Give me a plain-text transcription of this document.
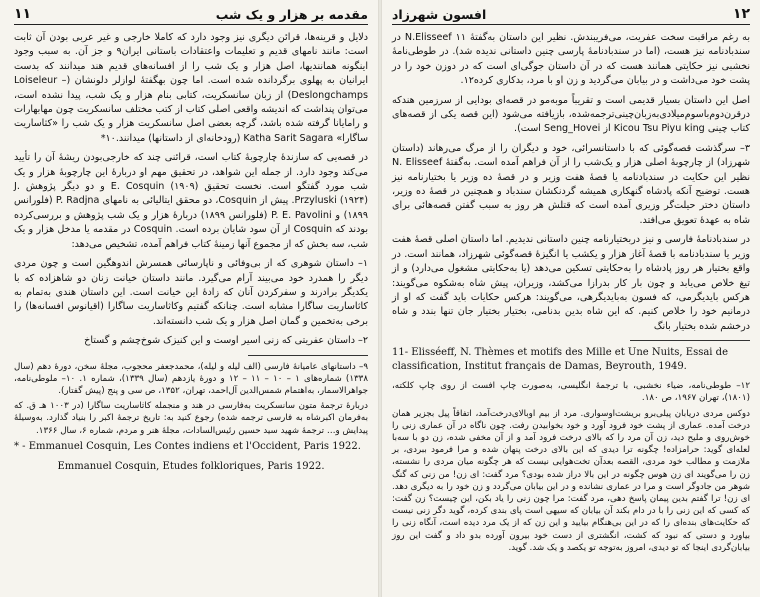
۱۱	مقدمه بر هزار و یک شب

دلایل و قرینه‌ها، قرائن دیگری نیز وجود دارد که کاملا خارجی و غیر عربی بودن آن ثابت است: مانند نامهای قدیم و تعلیمات واعتقادات باستانی ایران۹ و جز آن. به سبب وجود اینگونه همانندیها، اصل هزار و یک شب را از افسانه‌های قدیم هند میدانند که بدست ایرانیان به پهلوی برگردانده شده است. اما چون بهگفتهٔ لوازلر دلونشان (Loiseleur – Deslongchamps) از زبان سانسکریت، کتابی بنام هزار و یک شب، پیدا نشده است، می‌توان پنداشت که اندیشه واقعی اصلی کتاب از کتب مختلف سانسکریت چون مهابهارات و رامایانا گرفته شده باشد، گرچه بعضی اصل سانسکریت هزار و یک شب را «کثاساریت ساگارا» Katha Sarit Sagara (رودخانه‌ای از داستانها) میدانند.۱۰*

در قصه‌یی که سازندهٔ چارچوبهٔ کتاب است، قرائنی چند که خارجی‌بودن ریشهٔ آن را تأیید می‌کند وجود دارد. از جمله این شواهد، در تحقیق مهم او دربارهٔ این چارچوبهٔ هزار و یک شب مورد گفتگو است. نخست تحقیق E. Cosquin (۱۹۰۹) و دو دیگر پژوهش J. Przyluski (۱۹۲۴). پیش از Cosquin، دو محقق ایتالیائی به نامهای P. Radjna (فلورانس ۱۸۹۹) و P. E. Pavolini (فلورانس ۱۸۹۹) دربارهٔ هزار و یک شب پژوهش و بررسی‌کرده بودند که Cosquin از آن سود شایان برده است. Cosquin در مقدمه یا مدخل هزار و یک شب، سه بخش که از مجموع آنها زمینهٔ کتاب فراهم آمده، تشخیص می‌دهد:

۱– داستان شوهری که از بی‌وفائی و ناپارسائی همسرش اندوهگین است و چون مردی دیگر را همدرد خود می‌بیند آرام می‌گیرد. مانند داستان خیانت زنان دو شاهزاده که با یکدیگر برادرند و سفرکردن آنان که زادهٔ این خیانت است. این داستان هندی به‌تمام به کاثاساریت ساگارا مشابه است. چنانکه گفتیم وکاثاساریت ساگارا (اقیانوس افسانه‌ها) را برخی به‌تخمین و گمان اصل هزار و یک شب دانسته‌اند.

۲– داستان عفریتی که زنی اسیر اوست و این کنیزک شوخ‌چشم و گستاخ

۹– داستانهای عامیانهٔ فارسی (الف لیله و لیله)، محمدجعفر محجوب، مجلهٔ سخن، دورهٔ دهم (سال ۱۳۳۸) شماره‌های ۱ – ۱۰ – ۱۱ – ۱۲ و دورهٔ یازدهم (سال ۱۳۳۹)، شماره ۱. ۱۰– ملوطی‌نامه، جواهرالاسمار، به‌اهتمام شمس‌الدین آل‌احمد، تهران، ۱۳۵۲، ص سی و پنج (پیش گفتار).

دربارهٔ ترجمهٔ متون سانسکریت به‌فارسی در هند و منجمله کاثاساریت ساگارا (در ۱۰۰۳ هـ ق. که به‌فرمان اکبرشاه به فارسی ترجمه شده) رجوع کنید به: تاریخ ترجمهٔ اکبر را بنیاد گذارد. به‌وسیلهٔ پیدایش و… ترجمهٔ شهید سید حسین رئیس‌السادات، مجلهٔ هنر و مردم، شماره ۶، سال ۱۳۶۶.

* - Emmanuel Cosquin, Les Contes indiens et l'Occident, Paris 1922.

Emmanuel Cosquin, Etudes folkloriques, Paris 1922.

افسون شهرزاد	۱۲

به رغم مراقبت سخت عفریت، می‌فریبندش. نظیر این داستان به‌گفتهٔ N.Elisseef ۱۱ در سندبادنامه نیز هست، (اما در سندبادنامهٔ پارسی چنین داستانی ندیده شد). در طوطی‌نامهٔ نخشبی نیز حکایتی همانند هست که در آن داستان جوگی‌ای است که در دوزن خود را در پشت خود می‌داشت و در بیابان می‌گردید و زن او با مرد، بدکاری کرده۱۲.

اصل این داستان بسیار قدیمی است و تقریباً موبه‌مو در قصه‌ای بودایی از سرزمین هندکه درقرن‌دوم‌باسوم‌میلادی‌به‌زبان‌چینی‌ترجمه‌شده، بازیافته می‌شود (این قصه یکی از قصه‌های کتاب چینی Kicou Tsu Piyu king از Seng_Hovei است).

۳– سرگذشت قصه‌گوئی که با داستانسرائی، خود و دیگران را از مرگ می‌رهاند (داستان شهرزاد) از چارچوبهٔ اصلی هزار و یک‌شب را از آن فراهم آمده است. به‌گفتهٔ N. Elisseef نظیر این حکایت در سندبادنامه یا قصهٔ هفت وزیر و در قصهٔ ده وزیر یا بختیارنامه نیز هست. توضیح آنکه پادشاه گنهکاری همیشه گردنکشان سندباد و همچنین در قصهٔ ده وزیر، داستان دختر حیلت‌گر وزیری آمده است که قتلش هر روز به سبب گفتن قصه‌هائی برای شاه به عهدهٔ تعویق می‌افتد.

در سندبادنامهٔ فارسی و نیز دربختیارنامه چنین داستانی ندیدیم. اما داستان اصلی قصهٔ هفت وزیر یا سندبادنامه با قصهٔ آغاز هزار و یکشب یا انگیزهٔ قصه‌گوئی شهرزاد، همانند است. در واقع بختیار هر روز پادشاه را به‌حکایتی تسکین می‌دهد (یا به‌حکایتی مشغول می‌دارد) و از تیغ خلاص می‌یابد و چون بار کار بدرازا می‌کشد، وزیران، پیش شاه به‌شکوه می‌گویند: هرکس بایدیگرمی، که فسون به‌بایدیگرهی، می‌گویند: هرکس حکایات باید گفت که او از درمانیم خود را خلاص کنیم. که این شاه بدین بدنامی، بختیار بختیار جان تنها بندد و شاه درخشم شده بختیار بانگ

11- Elisséeff, N. Thèmes et motifs des Mille et Une Nuits, Essai de classification, Institut français de Damas, Beyrouth, 1949.

۱۲– طوطی‌نامه، ضیاء نخشبی، با ترجمهٔ انگلیسی، به‌صورت چاپ افست از روی چاپ کلکته، (۱۸۰۱)، تهران ۱۹۶۷، ص ۱۸۰.

دوکس مردی دریابان پیلی‌برو بریشت‌اوسواری. مرد از بیم اوبالای‌درخت‌آمد، اتفاقاً پیل بجزیر همان درخت آمده. عماری از پشت خود فرود آورد و خود بخوابیدن رفت. چون ناگاه در آن عماری زنی را خوش‌روی و ملیح دید، زن آن مرد را که بالای درخت فرود آمد و از آن مخفی شده، زن دو با سه‌با لعله‌ای گوید: حرامزاده! چگونه ترا دیدی که این بالای درخت پنهان شده و مرا فرمود ببردی، بر ملازمت و مطالب خود مردی، القصه بعدآن تخت‌هوایی نیست که هر چگونه میان مردی را نشسته، زن را می‌گویند ای زن هوس چگونه در این بالا دراز شده بودی؟ مرد گفت: ای زن! من زنی که گنگ شوهر من جادوگر است و مرا در عماری نشانده و در این بیابان می‌گردد و زن خود را به دیگری دهد. ای زن! ترا گفتم بدین پیمان پاسخ دهی، مرد گفت: مرا چون زنی را یاد بکن، این چیست؟ زن گفت: که کسی که این زنی را با در دام بکند آن بیابان که سیهی است پای بندی کرده، گوید دگر زنی نیست که حکایت‌های بنده‌ای را که در این بی‌هنگام بیایید و این زن که از یک مرد دیده است، آنگاه زنی را بیاورد و دستی که نبود که کشت، انگشتری از دست خود بیرون آورده بدو داد و گفت این روز بیابان‌گردی اینجا که تو دیدی، امروز به‌توجه تو یکصد و یک شد. گوید.
